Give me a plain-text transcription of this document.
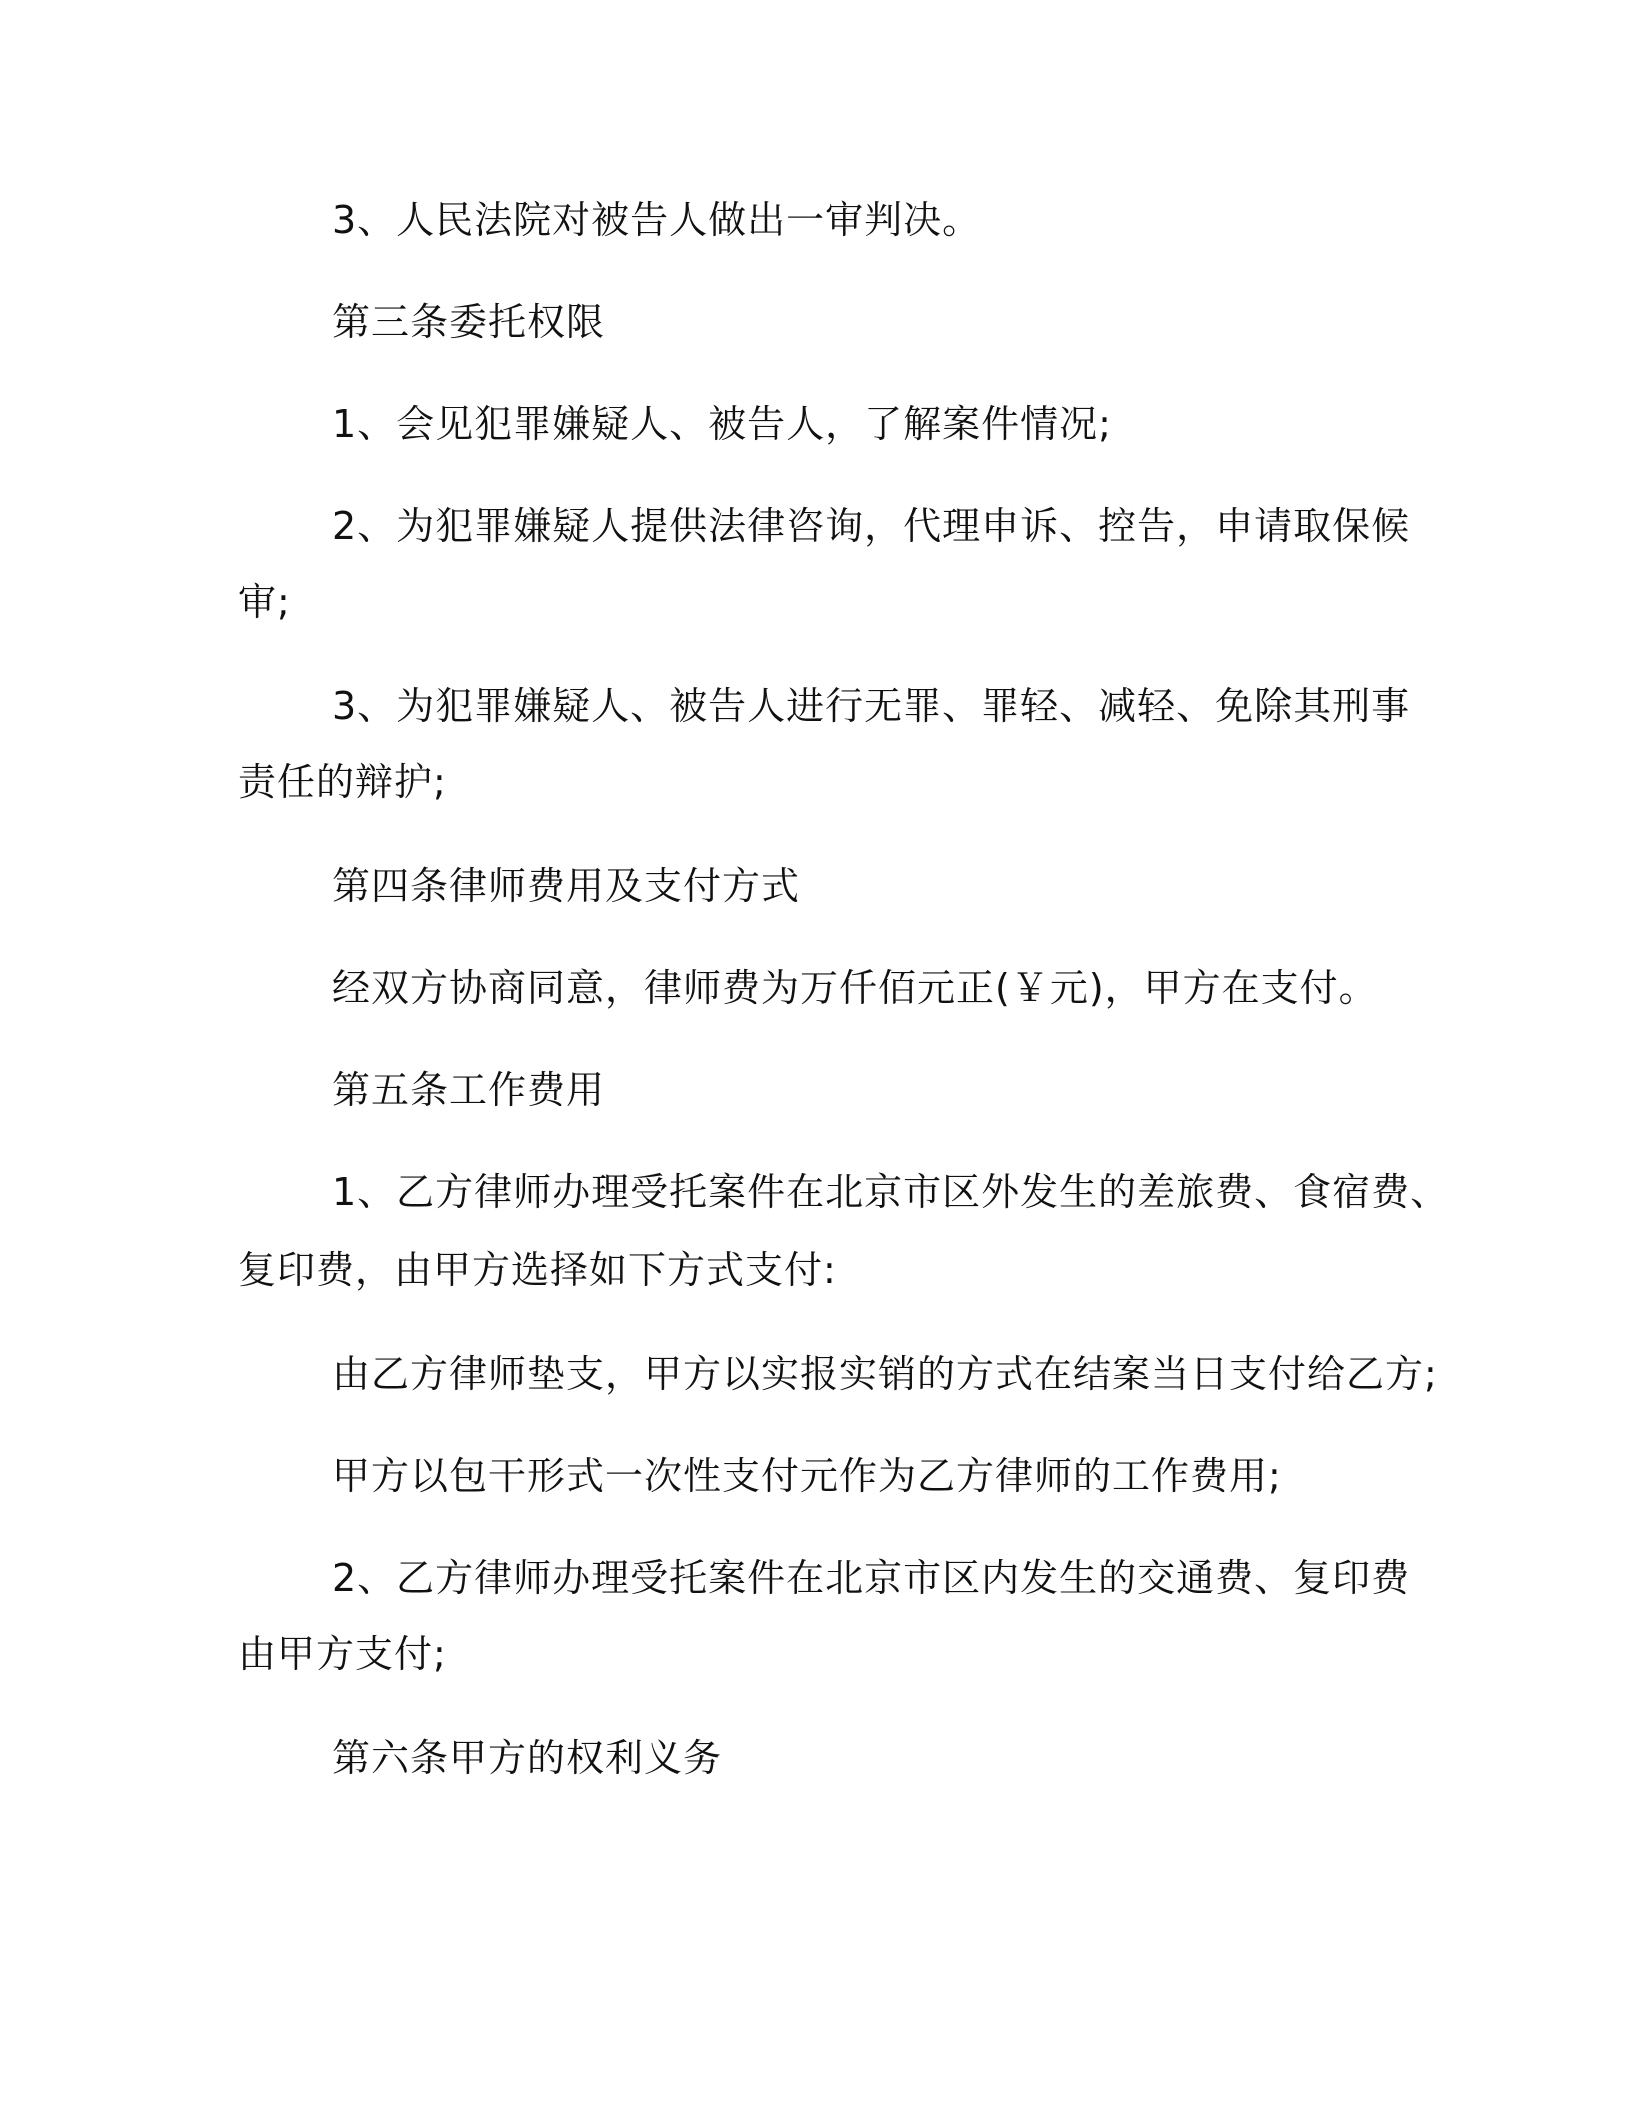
3、人民法院对被告人做出一审判决。
第三条委托权限
1、会见犯罪嫌疑人、被告人，了解案件情况;
2、为犯罪嫌疑人提供法律咨询，代理申诉、控告，申请取保候
审;
3、为犯罪嫌疑人、被告人进行无罪、罪轻、减轻、免除其刑事
责任的辩护;
第四条律师费用及支付方式
经双方协商同意，律师费为万仟佰元正(￥元)，甲方在支付。
第五条工作费用
1、乙方律师办理受托案件在北京市区外发生的差旅费、食宿费、
复印费，由甲方选择如下方式支付:
由乙方律师垫支，甲方以实报实销的方式在结案当日支付给乙方;
甲方以包干形式一次性支付元作为乙方律师的工作费用;
2、乙方律师办理受托案件在北京市区内发生的交通费、复印费
由甲方支付;
第六条甲方的权利义务
